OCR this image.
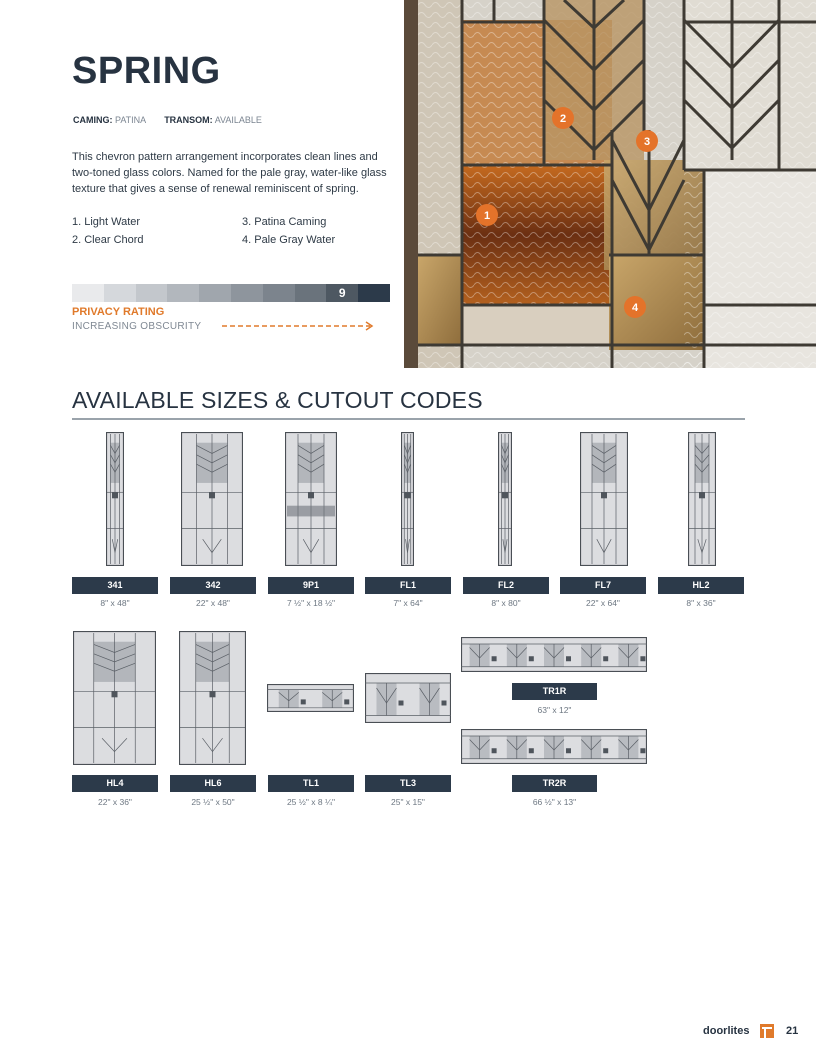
SPRING
CAMING: PATINA TRANSOM: AVAILABLE
This chevron pattern arrangement incorporates clean lines and two-toned glass colors. Named for the pale gray, water-like glass texture that gives a sense of renewal reminiscent of spring.
1. Light Water	3. Patina Caming
2. Clear Chord	4. Pale Gray Water
9
PRIVACY RATING
INCREASING OBSCURITY
1
2
3
4
AVAILABLE SIZES & CUTOUT CODES
341
8" x 48"
342
22" x 48"
9P1
7 ½" x 18 ½"
FL1
7" x 64"
FL2
8" x 80"
FL7
22" x 64"
HL2
8" x 36"
HL4
22" x 36"
HL6
25 ½" x 50"
TL1
25 ½" x 8 ¼"
TL3
25" x 15"
TR1R
63" x 12"
TR2R
66 ½" x 13"
doorlites	21
